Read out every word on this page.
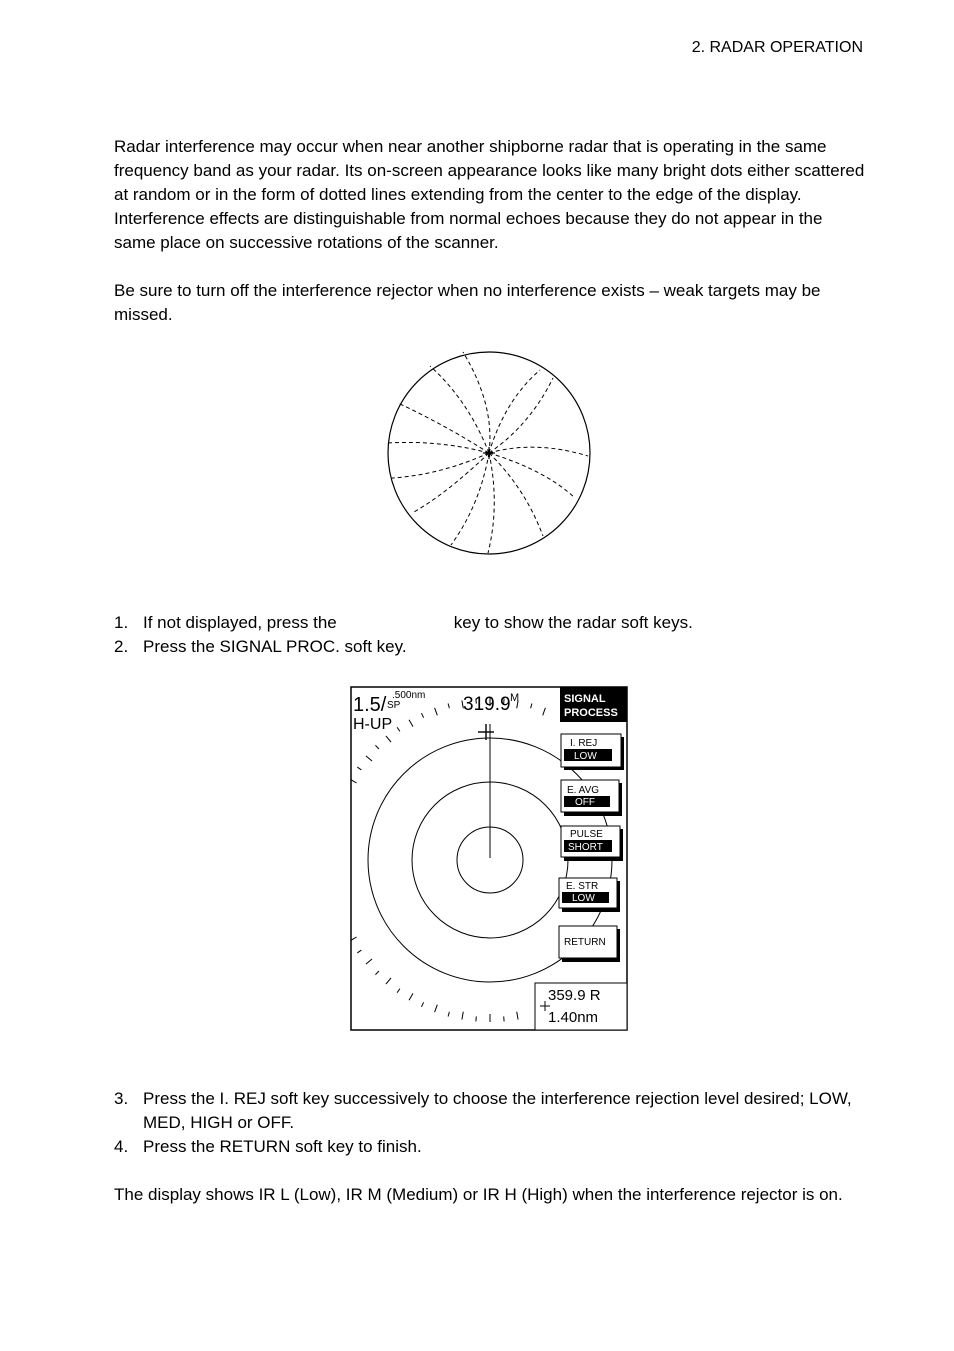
2. RADAR OPERATION

Radar interference may occur when near another shipborne radar that is operating in the same frequency band as your radar. Its on-screen appearance looks like many bright dots either scattered at random or in the form of dotted lines extending from the center to the edge of the display. Interference effects are distinguishable from normal echoes because they do not appear in the same place on successive rotations of the scanner.

Be sure to turn off the interference rejector when no interference exists – weak targets may be missed.

1. If not displayed, press the	key to show the radar soft keys.
2. Press the SIGNAL PROC. soft key.
1.5/ .500nm
SP
H-UP
319.9 M	SIGNAL
PROCESS
I. REJ
LOW
E. AVG
OFF
PULSE
SHORT
E. STR
LOW
RETURN
359.9 R
1.40nm
3. Press the I. REJ soft key successively to choose the interference rejection level desired; LOW, MED, HIGH or OFF.
4. Press the RETURN soft key to finish.

The display shows IR L (Low), IR M (Medium) or IR H (High) when the interference rejector is on.
